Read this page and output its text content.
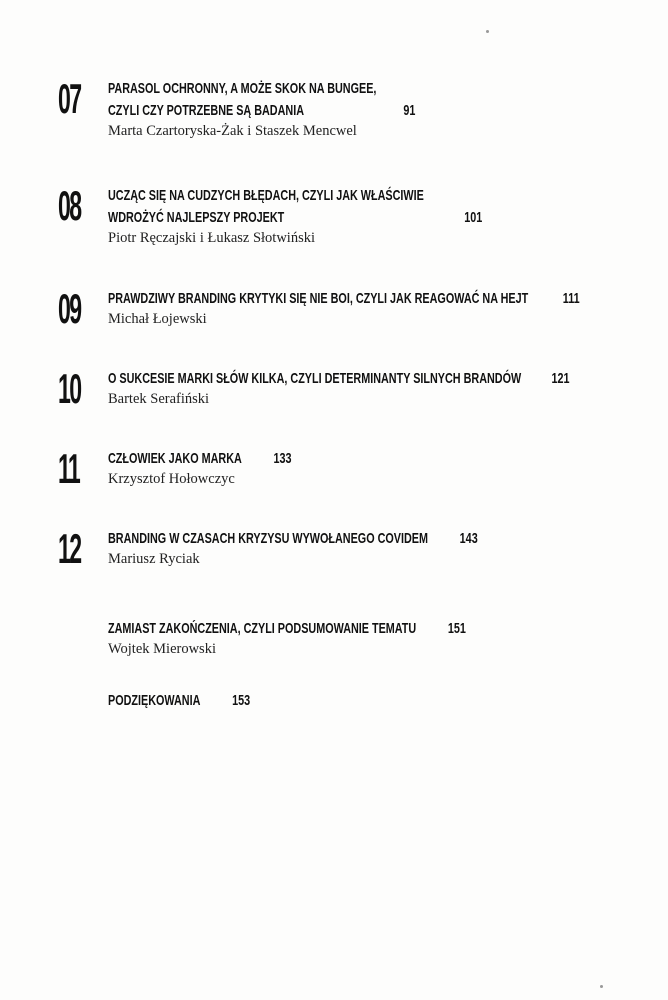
07 PARASOL OCHRONNY, A MOŻE SKOK NA BUNGEE,
CZYLI CZY POTRZEBNE SĄ BADANIA	91
Marta Czartoryska-Żak i Staszek Mencwel
08 UCZĄC SIĘ NA CUDZYCH BŁĘDACH, CZYLI JAK WŁAŚCIWIE
WDROŻYĆ NAJLEPSZY PROJEKT	101
Piotr Ręczajski i Łukasz Słotwiński
09 PRAWDZIWY BRANDING KRYTYKI SIĘ NIE BOI, CZYLI JAK REAGOWAĆ NA HEJT 111
Michał Łojewski
10 O SUKCESIE MARKI SŁÓW KILKA, CZYLI DETERMINANTY SILNYCH BRANDÓW 121
Bartek Serafiński
11 CZŁOWIEK JAKO MARKA 133
Krzysztof Hołowczyc
12 BRANDING W CZASACH KRYZYSU WYWOŁANEGO COVIDEM 143
Mariusz Ryciak
ZAMIAST ZAKOŃCZENIA, CZYLI PODSUMOWANIE TEMATU 151
Wojtek Mierowski
PODZIĘKOWANIA 153
